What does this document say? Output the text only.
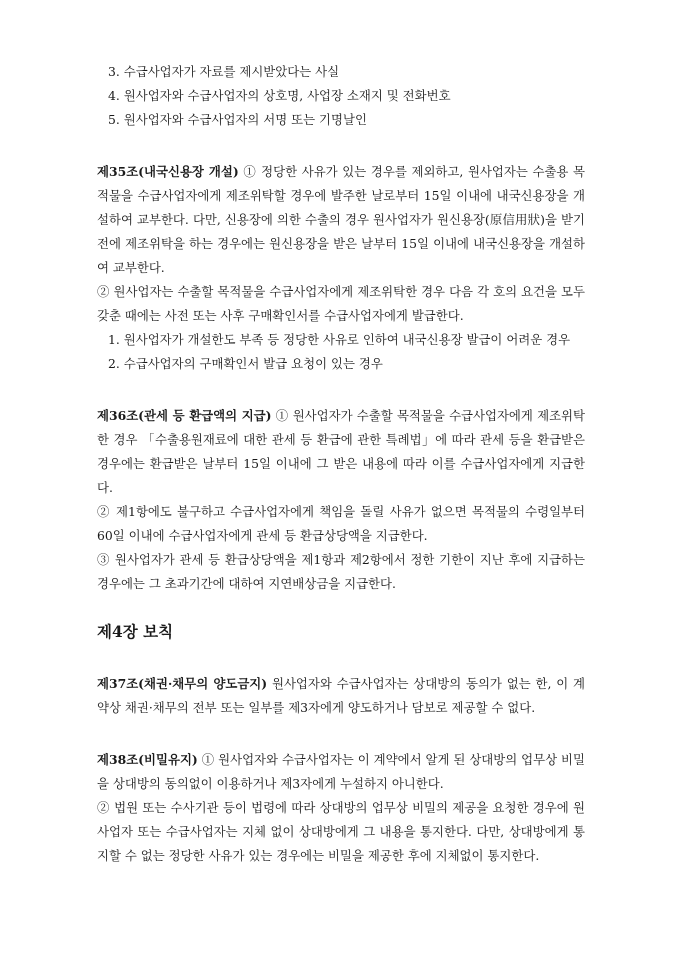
3. 수급사업자가 자료를 제시받았다는 사실

4. 원사업자와 수급사업자의 상호명, 사업장 소재지 및 전화번호

5. 원사업자와 수급사업자의 서명 또는 기명날인

제35조(내국신용장 개설) ① 정당한 사유가 있는 경우를 제외하고, 원사업자는 수출용 목적물을 수급사업자에게 제조위탁할 경우에 발주한 날로부터 15일 이내에 내국신용장을 개설하여 교부한다. 다만, 신용장에 의한 수출의 경우 원사업자가 원신용장(原信用狀)을 받기 전에 제조위탁을 하는 경우에는 원신용장을 받은 날부터 15일 이내에 내국신용장을 개설하여 교부한다.

② 원사업자는 수출할 목적물을 수급사업자에게 제조위탁한 경우 다음 각 호의 요건을 모두 갖춘 때에는 사전 또는 사후 구매확인서를 수급사업자에게 발급한다.

1. 원사업자가 개설한도 부족 등 정당한 사유로 인하여 내국신용장 발급이 어려운 경우

2. 수급사업자의 구매확인서 발급 요청이 있는 경우

제36조(관세 등 환급액의 지급) ① 원사업자가 수출할 목적물을 수급사업자에게 제조위탁한 경우 「수출용원재료에 대한 관세 등 환급에 관한 특례법」에 따라 관세 등을 환급받은 경우에는 환급받은 날부터 15일 이내에 그 받은 내용에 따라 이를 수급사업자에게 지급한다.

② 제1항에도 불구하고 수급사업자에게 책임을 돌릴 사유가 없으면 목적물의 수령일부터 60일 이내에 수급사업자에게 관세 등 환급상당액을 지급한다.

③ 원사업자가 관세 등 환급상당액을 제1항과 제2항에서 정한 기한이 지난 후에 지급하는 경우에는 그 초과기간에 대하여 지연배상금을 지급한다.

제4장 보칙

제37조(채권·채무의 양도금지) 원사업자와 수급사업자는 상대방의 동의가 없는 한, 이 계약상 채권·채무의 전부 또는 일부를 제3자에게 양도하거나 담보로 제공할 수 없다.

제38조(비밀유지) ① 원사업자와 수급사업자는 이 계약에서 알게 된 상대방의 업무상 비밀을 상대방의 동의없이 이용하거나 제3자에게 누설하지 아니한다.

② 법원 또는 수사기관 등이 법령에 따라 상대방의 업무상 비밀의 제공을 요청한 경우에 원사업자 또는 수급사업자는 지체 없이 상대방에게 그 내용을 통지한다. 다만, 상대방에게 통지할 수 없는 정당한 사유가 있는 경우에는 비밀을 제공한 후에 지체없이 통지한다.
